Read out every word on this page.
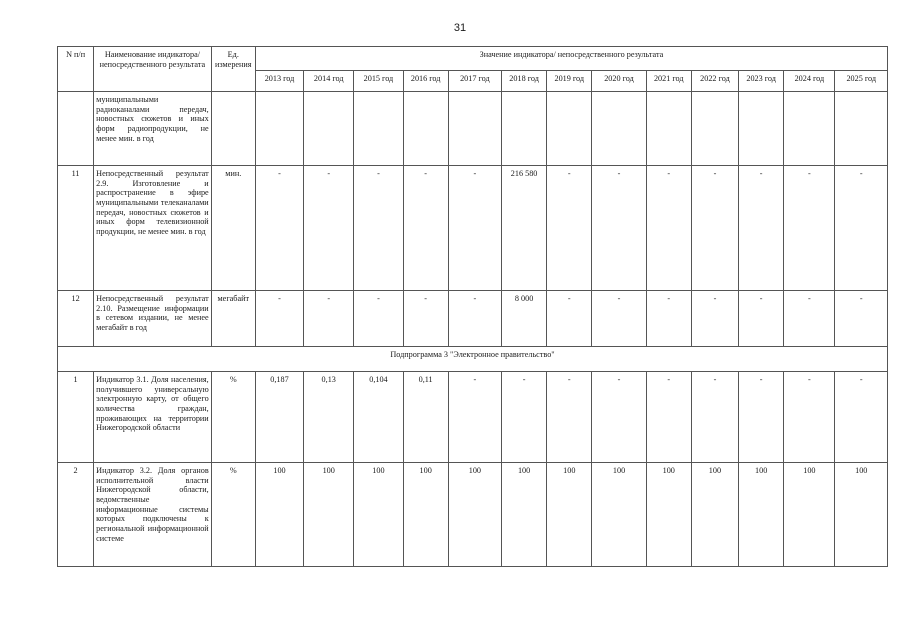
31
N п/п	Наименование индикатора/непосредственного результата	Ед. измерения	Значение индикатора/ непосредственного результата												
			2013 год	2014 год	2015 год	2016 год	2017 год	2018 год	2019 год	2020 год	2021 год	2022 год	2023 год	2024 год	2025 год
	муниципальными радиоканалами передач, новостных сюжетов и иных форм радиопродукции, не менее мин. в год														
11	Непосредственный результат 2.9. Изготовление и распространение в эфире муниципальными телеканалами передач, новостных сюжетов и иных форм телевизионной продукции, не менее мин. в год	мин.	-	-	-	-	-	216 580	-	-	-	-	-	-	-
12	Непосредственный результат 2.10. Размещение информации в сетевом издании, не менее мегабайт в год	мегабайт	-	-	-	-	-	8 000	-	-	-	-	-	-	-
Подпрограмма 3 "Электронное правительство"															
1	Индикатор 3.1. Доля населения, получившего универсальную электронную карту, от общего количества граждан, проживающих на территории Нижегородской области	%	0,187	0,13	0,104	0,11	-	-	-	-	-	-	-	-	-
2	Индикатор 3.2. Доля органов исполнительной власти Нижегородской области, ведомственные информационные системы которых подключены к региональной информационной системе	%	100	100	100	100	100	100	100	100	100	100	100	100	100
